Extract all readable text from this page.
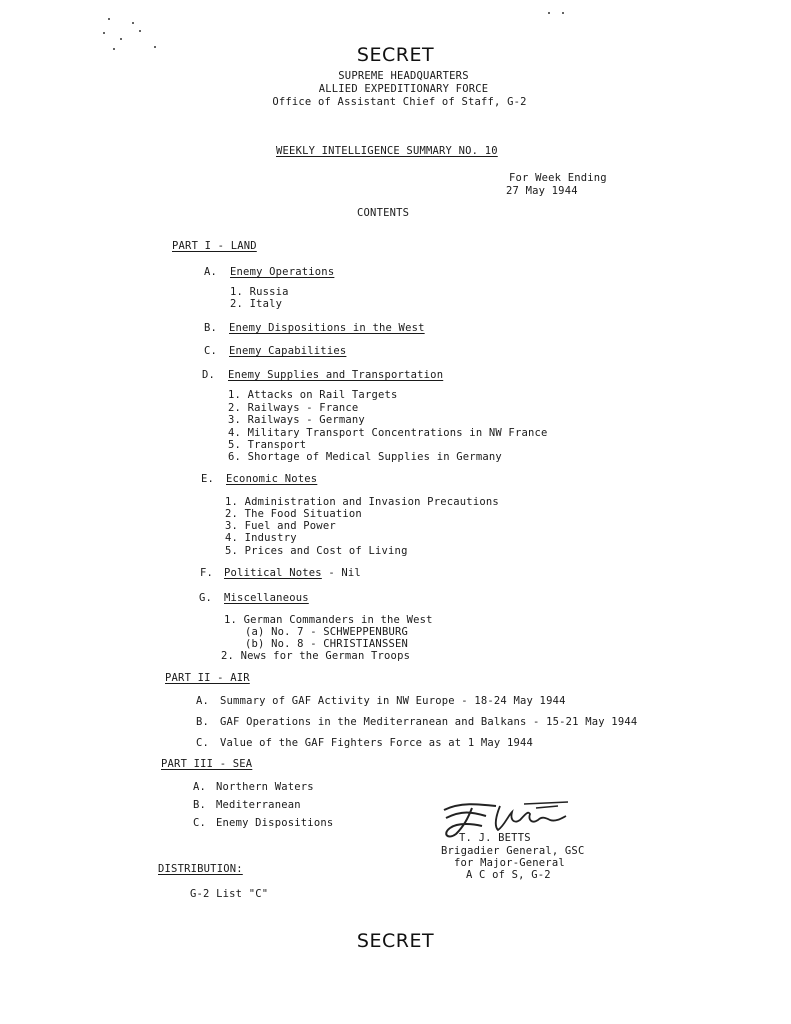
SECRET
SUPREME HEADQUARTERS
ALLIED EXPEDITIONARY FORCE
Office of Assistant Chief of Staff, G-2
WEEKLY INTELLIGENCE SUMMARY NO. 10
For Week Ending
27 May 1944
CONTENTS
PART I - LAND
A. Enemy Operations
1. Russia
2. Italy
B. Enemy Dispositions in the West
C. Enemy Capabilities
D. Enemy Supplies and Transportation
1. Attacks on Rail Targets
2. Railways - France
3. Railways - Germany
4. Military Transport Concentrations in NW France
5. Transport
6. Shortage of Medical Supplies in Germany
E. Economic Notes
1. Administration and Invasion Precautions
2. The Food Situation
3. Fuel and Power
4. Industry
5. Prices and Cost of Living
F. Political Notes - Nil
G. Miscellaneous
1. German Commanders in the West
(a) No. 7 - SCHWEPPENBURG
(b) No. 8 - CHRISTIANSSEN
2. News for the German Troops
PART II - AIR
A. Summary of GAF Activity in NW Europe - 18-24 May 1944
B. GAF Operations in the Mediterranean and Balkans - 15-21 May 1944
C. Value of the GAF Fighters Force as at 1 May 1944
PART III - SEA
A. Northern Waters
B. Mediterranean
C. Enemy Dispositions
T. J. BETTS
Brigadier General, GSC
for Major-General
A C of S, G-2
DISTRIBUTION:
G-2 List "C"
SECRET
